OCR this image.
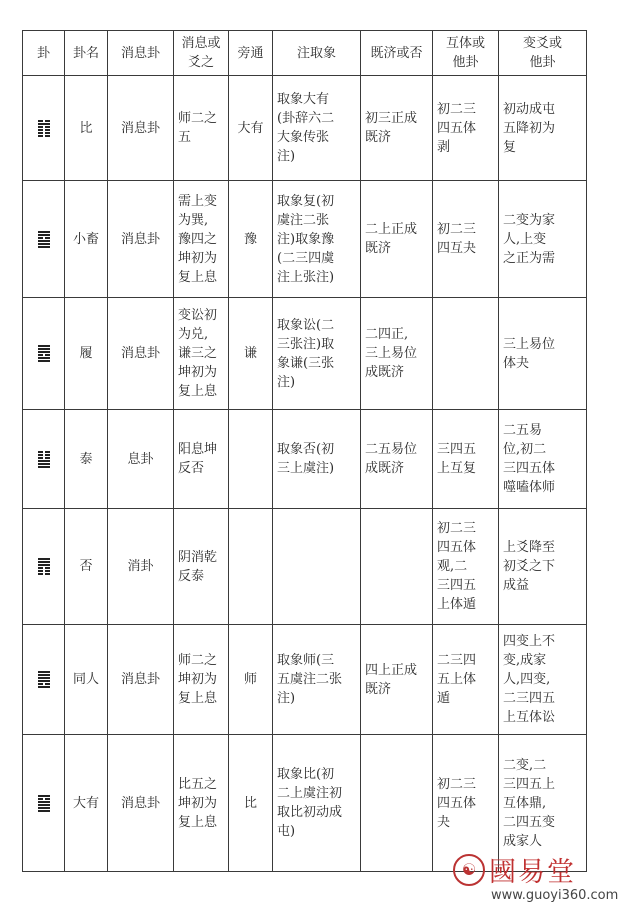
卦	卦名	消息卦	消息或
爻之	旁通	注取象	既济或否	互体或
他卦	变爻或
他卦

	比	消息卦	师二之
五	大有	取象大有
(卦辞六二
大象传张
注)	初三正成
既济	初二三
四五体
剥	初动成屯
五降初为
复

	小畜	消息卦	需上变
为巽,
豫四之
坤初为
复上息	豫	取象复(初
虞注二张
注)取象豫
(二三四虞
注上张注)	二上正成
既济	初二三
四互夬	二变为家
人,上变
之正为需

	履	消息卦	变讼初
为兑,
谦三之
坤初为
复上息	谦	取象讼(二
三张注)取
象谦(三张
注)	二四正,
三上易位
成既济		三上易位
体夬

	泰	息卦	阳息坤
反否		取象否(初
三上虞注)	二五易位
成既济	三四五
上互复	二五易
位,初二
三四五体
噬嗑体师

	否	消卦	阴消乾
反泰				初二三
四五体
观,二
三四五
上体遁	上爻降至
初爻之下
成益

	同人	消息卦	师二之
坤初为
复上息	师	取象师(三
五虞注二张
注)	四上正成
既济	二三四
五上体
遁	四变上不
变,成家
人,四变,
二三四五
上互体讼

	大有	消息卦	比五之
坤初为
复上息	比	取象比(初
二上虞注初
取比初动成
屯)		初二三
四五体
夬	二变,二
三四五上
互体鼎,
二四五变
成家人
☯ 國易堂
www.guoyi360.com
